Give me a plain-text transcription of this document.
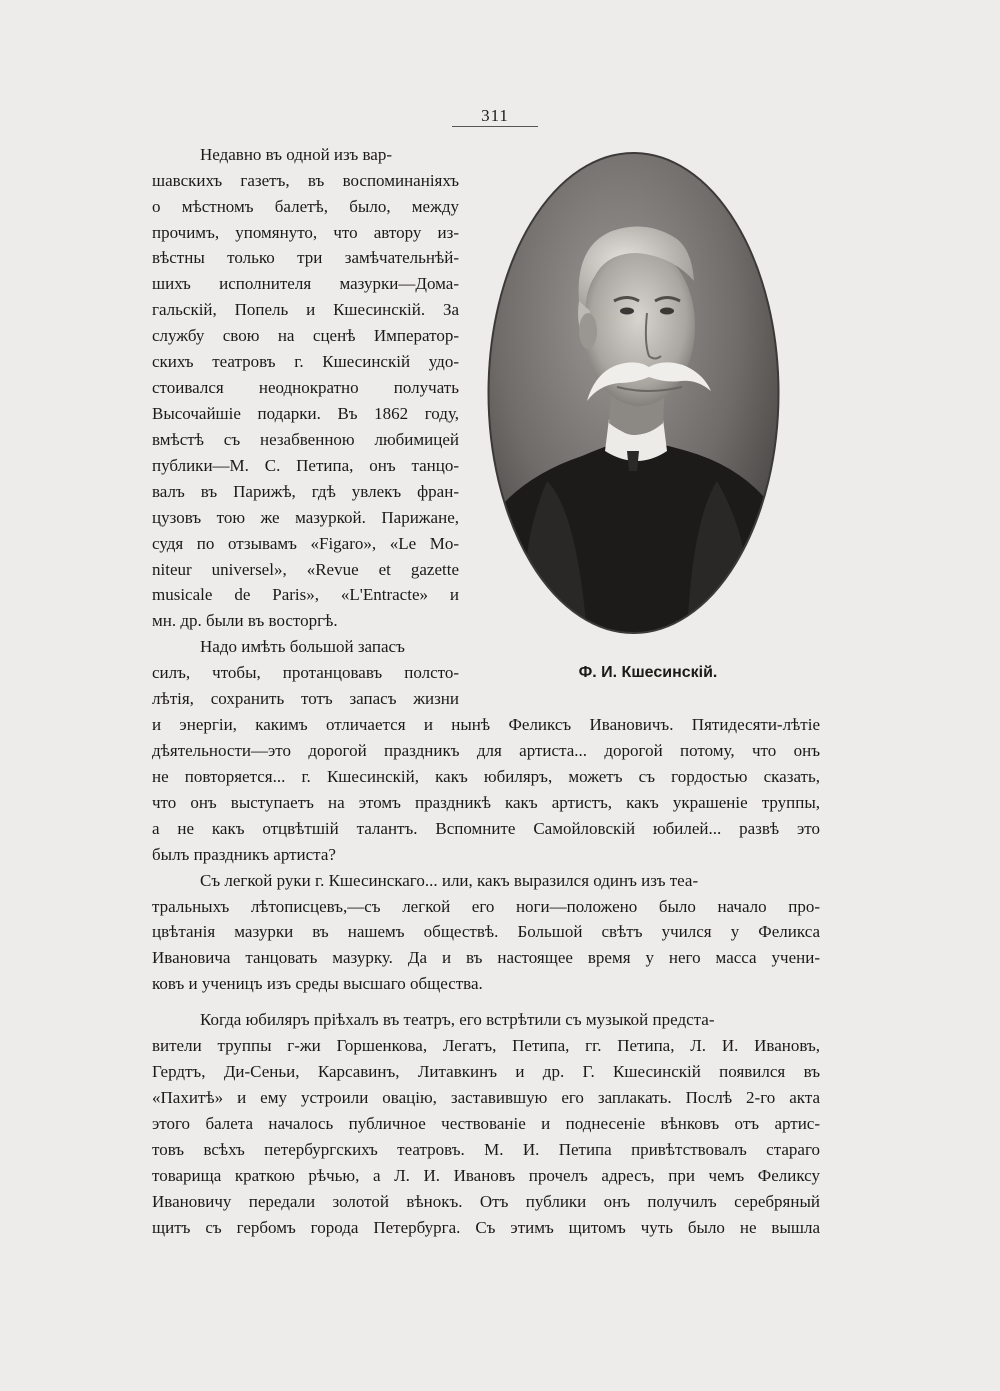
311
Недавно въ одной изъ вар-
шавскихъ газетъ, въ воспоминаніяхъ
о мѣстномъ балетѣ, было, между
прочимъ, упомянуто, что автору из-
вѣстны только три замѣчательнѣй-
шихъ исполнителя мазурки—Дома-
гальскій, Попель и Кшесинскій. За
службу свою на сценѣ Император-
скихъ театровъ г. Кшесинскій удо-
стоивался неоднократно получать
Высочайшіе подарки. Въ 1862 году,
вмѣстѣ съ незабвенною любимицей
публики—М. С. Петипа, онъ танцо-
валъ въ Парижѣ, гдѣ увлекъ фран-
цузовъ тою же мазуркой. Парижане,
судя по отзывамъ «Figaro», «Le Mo-
niteur universel», «Revue et gazette
musicale de Paris», «L'Entracte» и
мн. др. были въ восторгѣ.
Надо имѣть большой запасъ
силъ, чтобы, протанцовавъ полсто-
лѣтія, сохранить тотъ запасъ жизни
Ф. И. Кшесинскій.
и энергіи, какимъ отличается и нынѣ Феликсъ Ивановичъ. Пятидесяти-лѣтіе
дѣятельности—это дорогой праздникъ для артиста... дорогой потому, что онъ
не повторяется... г. Кшесинскій, какъ юбиляръ, можетъ съ гордостью сказать,
что онъ выступаетъ на этомъ праздникѣ какъ артистъ, какъ украшеніе труппы,
а не какъ отцвѣтшій талантъ. Вспомните Самойловскій юбилей... развѣ это
былъ праздникъ артиста?
Съ легкой руки г. Кшесинскаго... или, какъ выразился одинъ изъ теа-
тральныхъ лѣтописцевъ,—съ легкой его ноги—положено было начало про-
цвѣтанія мазурки въ нашемъ обществѣ. Большой свѣтъ учился у Феликса
Ивановича танцовать мазурку. Да и въ настоящее время у него масса учени-
ковъ и ученицъ изъ среды высшаго общества.
Когда юбиляръ пріѣхалъ въ театръ, его встрѣтили съ музыкой предста-
вители труппы г-жи Горшенкова, Легатъ, Петипа, гг. Петипа, Л. И. Ивановъ,
Гердтъ, Ди-Сеньи, Карсавинъ, Литавкинъ и др. Г. Кшесинскій появился въ
«Пахитѣ» и ему устроили овацію, заставившую его заплакать. Послѣ 2-го акта
этого балета началось публичное чествованіе и поднесеніе вѣнковъ отъ артис-
товъ всѣхъ петербургскихъ театровъ. М. И. Петипа привѣтствовалъ стараго
товарища краткою рѣчью, а Л. И. Ивановъ прочелъ адресъ, при чемъ Феликсу
Ивановичу передали золотой вѣнокъ. Отъ публики онъ получилъ серебряный
щитъ съ гербомъ города Петербурга. Съ этимъ щитомъ чуть было не вышла
